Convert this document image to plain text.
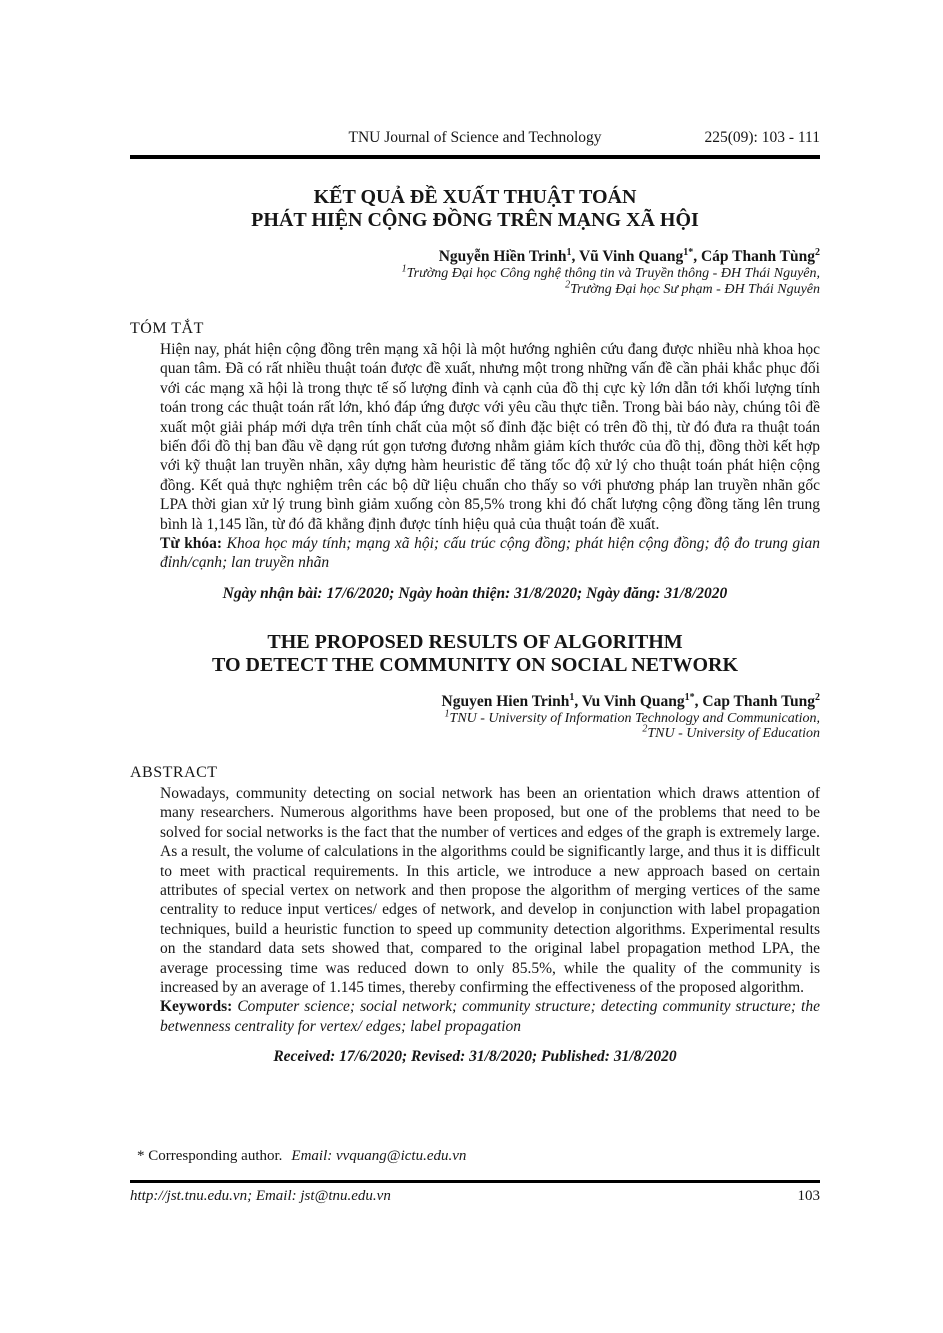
TNU Journal of Science and Technology	225(09): 103 - 111
KẾT QUẢ ĐỀ XUẤT THUẬT TOÁN
PHÁT HIỆN CỘNG ĐỒNG TRÊN MẠNG XÃ HỘI
Nguyễn Hiền Trinh$^1$, Vũ Vinh Quang$^{1*}$, Cáp Thanh Tùng$^2$
$^1$Trường Đại học Công nghệ thông tin và Truyền thông - ĐH Thái Nguyên,
$^2$Trường Đại học Sư phạm - ĐH Thái Nguyên
TÓM TẮT
Hiện nay, phát hiện cộng đồng trên mạng xã hội là một hướng nghiên cứu đang được nhiều nhà khoa học quan tâm. Đã có rất nhiều thuật toán được đề xuất, nhưng một trong những vấn đề cần phải khắc phục đối với các mạng xã hội là trong thực tế số lượng đỉnh và cạnh của đồ thị cực kỳ lớn dẫn tới khối lượng tính toán trong các thuật toán rất lớn, khó đáp ứng được với yêu cầu thực tiễn. Trong bài báo này, chúng tôi đề xuất một giải pháp mới dựa trên tính chất của một số đỉnh đặc biệt có trên đồ thị, từ đó đưa ra thuật toán biến đổi đồ thị ban đầu về dạng rút gọn tương đương nhằm giảm kích thước của đồ thị, đồng thời kết hợp với kỹ thuật lan truyền nhãn, xây dựng hàm heuristic để tăng tốc độ xử lý cho thuật toán phát hiện cộng đồng. Kết quả thực nghiệm trên các bộ dữ liệu chuẩn cho thấy so với phương pháp lan truyền nhãn gốc LPA thời gian xử lý trung bình giảm xuống còn 85,5% trong khi đó chất lượng cộng đồng tăng lên trung bình là 1,145 lần, từ đó đã khẳng định được tính hiệu quả của thuật toán đề xuất.
Từ khóa: Khoa học máy tính; mạng xã hội; cấu trúc cộng đồng; phát hiện cộng đồng; độ đo trung gian đỉnh/cạnh; lan truyền nhãn
Ngày nhận bài: 17/6/2020; Ngày hoàn thiện: 31/8/2020; Ngày đăng: 31/8/2020
THE PROPOSED RESULTS OF ALGORITHM
TO DETECT THE COMMUNITY ON SOCIAL NETWORK
Nguyen Hien Trinh$^1$, Vu Vinh Quang$^{1*}$, Cap Thanh Tung$^2$
$^1$TNU - University of Information Technology and Communication,
$^2$TNU - University of Education
ABSTRACT
Nowadays, community detecting on social network has been an orientation which draws attention of many researchers. Numerous algorithms have been proposed, but one of the problems that need to be solved for social networks is the fact that the number of vertices and edges of the graph is extremely large. As a result, the volume of calculations in the algorithms could be significantly large, and thus it is difficult to meet with practical requirements. In this article, we introduce a new approach based on certain attributes of special vertex on network and then propose the algorithm of merging vertices of the same centrality to reduce input vertices/ edges of network, and develop in conjunction with label propagation techniques, build a heuristic function to speed up community detection algorithms. Experimental results on the standard data sets showed that, compared to the original label propagation method LPA, the average processing time was reduced down to only 85.5%, while the quality of the community is increased by an average of 1.145 times, thereby confirming the effectiveness of the proposed algorithm.
Keywords: Computer science; social network; community structure; detecting community structure; the betwenness centrality for vertex/ edges; label propagation
Received: 17/6/2020; Revised: 31/8/2020; Published: 31/8/2020
* Corresponding author. Email: vvquang@ictu.edu.vn
http://jst.tnu.edu.vn; Email: jst@tnu.edu.vn	103
